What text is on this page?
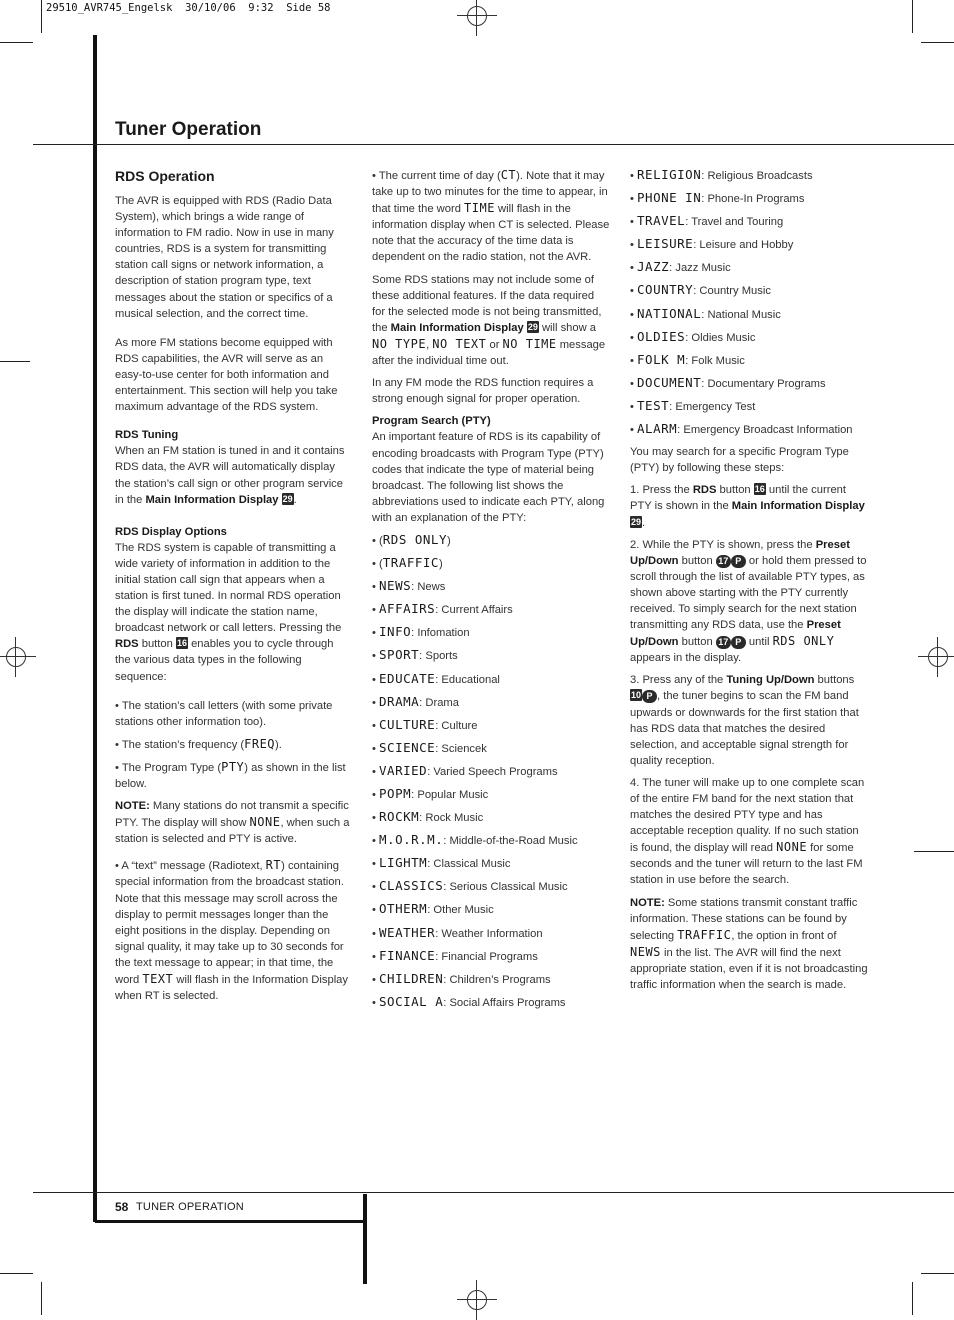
29510_AVR745_Engelsk  30/10/06  9:32  Side 58
Tuner Operation
RDS Operation

The AVR is equipped with RDS (Radio Data System), which brings a wide range of information to FM radio. Now in use in many countries, RDS is a system for transmitting station call signs or network information, a description of station program type, text messages about the station or specifics of a musical selection, and the correct time.

As more FM stations become equipped with RDS capabilities, the AVR will serve as an easy-to-use center for both information and entertainment. This section will help you take maximum advantage of the RDS system.

RDS Tuning

When an FM station is tuned in and it contains RDS data, the AVR will automatically display the station’s call sign or other program service in the Main Information Display 29.

RDS Display Options

The RDS system is capable of transmitting a wide variety of information in addition to the initial station call sign that appears when a station is first tuned. In normal RDS operation the display will indicate the station name, broadcast network or call letters. Pressing the RDS button 16 enables you to cycle through the various data types in the following sequence:

• The station’s call letters (with some private stations other information too).

• The station’s frequency (FREQ).

• The Program Type (PTY) as shown in the list below.

NOTE: Many stations do not transmit a specific PTY. The display will show NONE, when such a station is selected and PTY is active.

• A “text” message (Radiotext, RT) containing special information from the broadcast station. Note that this message may scroll across the display to permit messages longer than the eight positions in the display. Depending on signal quality, it may take up to 30 seconds for the text message to appear; in that time, the word TEXT will flash in the Information Display when RT is selected.

• The current time of day (CT). Note that it may take up to two minutes for the time to appear, in that time the word TIME will flash in the information display when CT is selected. Please note that the accuracy of the time data is dependent on the radio station, not the AVR.

Some RDS stations may not include some of these additional features. If the data required for the selected mode is not being transmitted, the Main Information Display 29 will show a NO TYPE, NO TEXT or NO TIME message after the individual time out.

In any FM mode the RDS function requires a strong enough signal for proper operation.

Program Search (PTY)

An important feature of RDS is its capability of encoding broadcasts with Program Type (PTY) codes that indicate the type of material being broadcast. The following list shows the abbreviations used to indicate each PTY, along with an explanation of the PTY:

• (RDS ONLY)

• (TRAFFIC)

• NEWS: News

• AFFAIRS: Current Affairs

• INFO: Infomation

• SPORT: Sports

• EDUCATE: Educational

• DRAMA: Drama

• CULTURE: Culture

• SCIENCE: Sciencek

• VARIED: Varied Speech Programs

• POPM: Popular Music

• ROCKM: Rock Music

• M.O.R.M.: Middle-of-the-Road Music

• LIGHTM: Classical Music

• CLASSICS: Serious Classical Music

• OTHERM: Other Music

• WEATHER: Weather Information

• FINANCE: Financial Programs

• CHILDREN: Children’s Programs

• SOCIAL A: Social Affairs Programs

• RELIGION: Religious Broadcasts

• PHONE IN: Phone-In Programs

• TRAVEL: Travel and Touring

• LEISURE: Leisure and Hobby

• JAZZ: Jazz Music

• COUNTRY: Country Music

• NATIONAL: National Music

• OLDIES: Oldies Music

• FOLK M: Folk Music

• DOCUMENT: Documentary Programs

• TEST: Emergency Test

• ALARM: Emergency Broadcast Information

You may search for a specific Program Type (PTY) by following these steps:

1. Press the RDS button 16 until the current PTY is shown in the Main Information Display 29.

2. While the PTY is shown, press the Preset Up/Down button 17 P or hold them pressed to scroll through the list of available PTY types, as shown above starting with the PTY currently received. To simply search for the next station transmitting any RDS data, use the Preset Up/Down button 17 P until RDS ONLY appears in the display.

3. Press any of the Tuning Up/Down buttons 10 P , the tuner begins to scan the FM band upwards or downwards for the first station that has RDS data that matches the desired selection, and acceptable signal strength for quality reception.

4. The tuner will make up to one complete scan of the entire FM band for the next station that matches the desired PTY type and has acceptable reception quality. If no such station is found, the display will read NONE for some seconds and the tuner will return to the last FM station in use before the search.

NOTE: Some stations transmit constant traffic information. These stations can be found by selecting TRAFFIC, the option in front of NEWS in the list. The AVR will find the next appropriate station, even if it is not broadcasting traffic information when the search is made.

58 TUNER OPERATION
